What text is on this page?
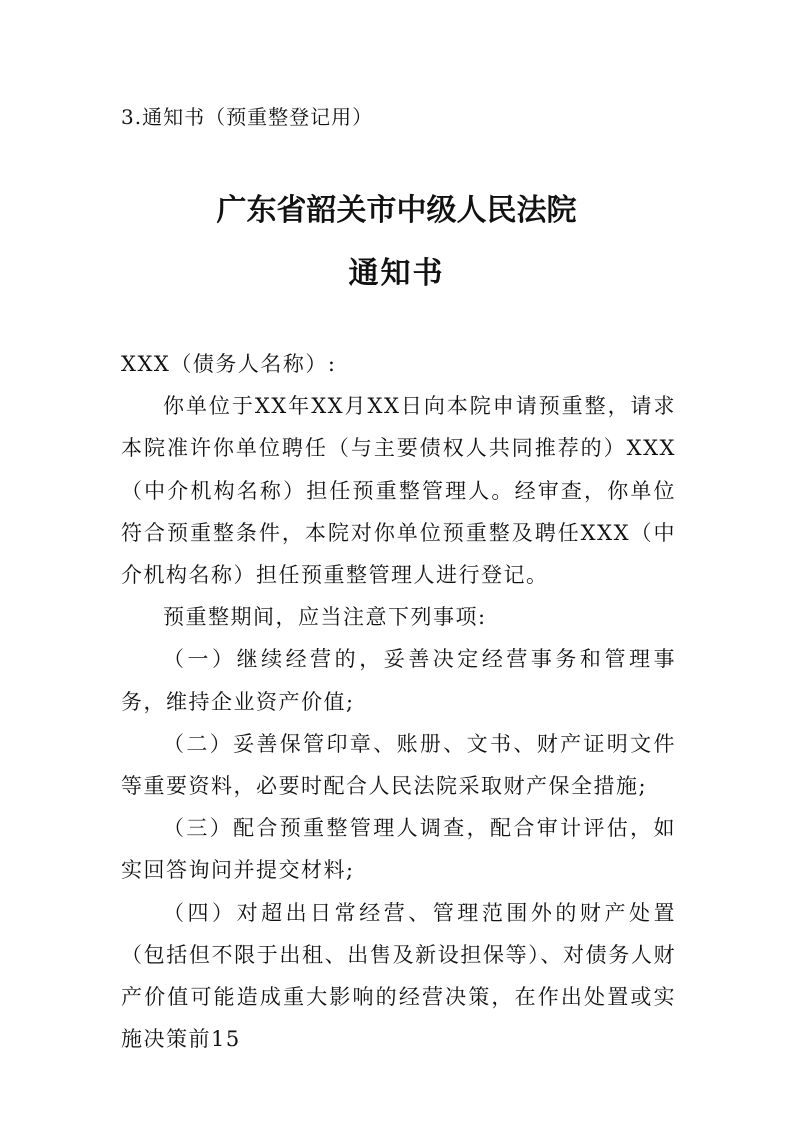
3.通知书（预重整登记用）
广东省韶关市中级人民法院
通知书

XXX（债务人名称）:

你单位于XX年XX月XX日向本院申请预重整，请求本院准许你单位聘任（与主要债权人共同推荐的）XXX（中介机构名称）担任预重整管理人。经审查，你单位符合预重整条件，本院对你单位预重整及聘任XXX（中介机构名称）担任预重整管理人进行登记。

预重整期间，应当注意下列事项:

（一）继续经营的，妥善决定经营事务和管理事务，维持企业资产价值;

（二）妥善保管印章、账册、文书、财产证明文件等重要资料，必要时配合人民法院采取财产保全措施;

（三）配合预重整管理人调查，配合审计评估，如实回答询问并提交材料;

（四）对超出日常经营、管理范围外的财产处置（包括但不限于出租、出售及新设担保等）、对债务人财产价值可能造成重大影响的经营决策，在作出处置或实施决策前15
